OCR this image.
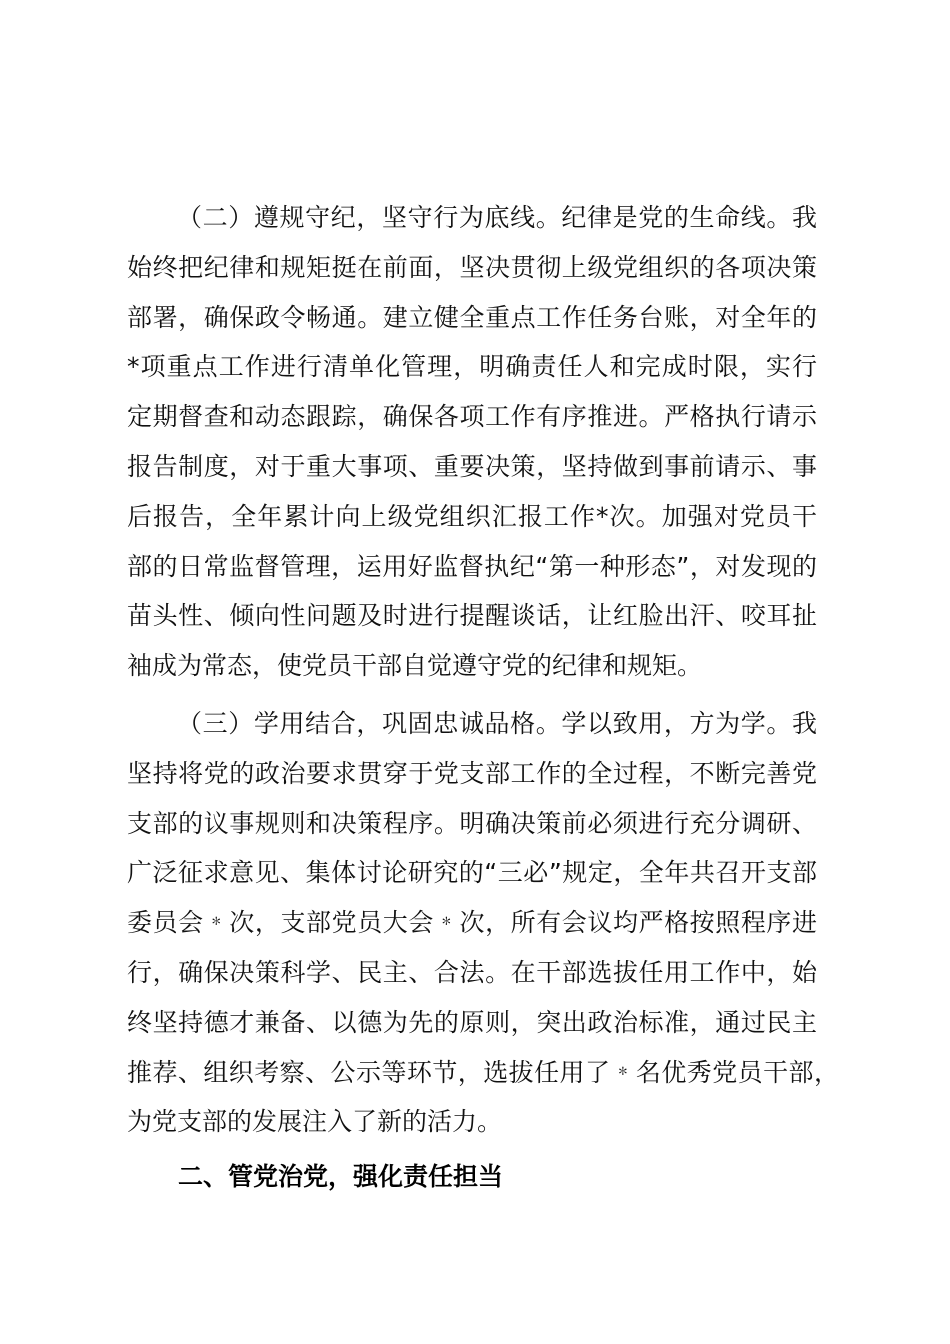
（二）遵规守纪，坚守行为底线。纪律是党的生命线。我
始终把纪律和规矩挺在前面，坚决贯彻上级党组织的各项决策
部署，确保政令畅通。建立健全重点工作任务台账，对全年的
*项重点工作进行清单化管理，明确责任人和完成时限，实行
定期督查和动态跟踪，确保各项工作有序推进。严格执行请示
报告制度，对于重大事项、重要决策，坚持做到事前请示、事
后报告，全年累计向上级党组织汇报工作*次。加强对党员干
部的日常监督管理，运用好监督执纪“第一种形态”，对发现的
苗头性、倾向性问题及时进行提醒谈话，让红脸出汗、咬耳扯
袖成为常态，使党员干部自觉遵守党的纪律和规矩。
（三）学用结合，巩固忠诚品格。学以致用，方为学。我
坚持将党的政治要求贯穿于党支部工作的全过程，不断完善党
支部的议事规则和决策程序。明确决策前必须进行充分调研、
广泛征求意见、集体讨论研究的“三必”规定，全年共召开支部
委员会﹡次，支部党员大会﹡次，所有会议均严格按照程序进
行，确保决策科学、民主、合法。在干部选拔任用工作中，始
终坚持德才兼备、以德为先的原则，突出政治标准，通过民主
推荐、组织考察、公示等环节，选拔任用了﹡名优秀党员干部，
为党支部的发展注入了新的活力。
二、管党治党，强化责任担当
